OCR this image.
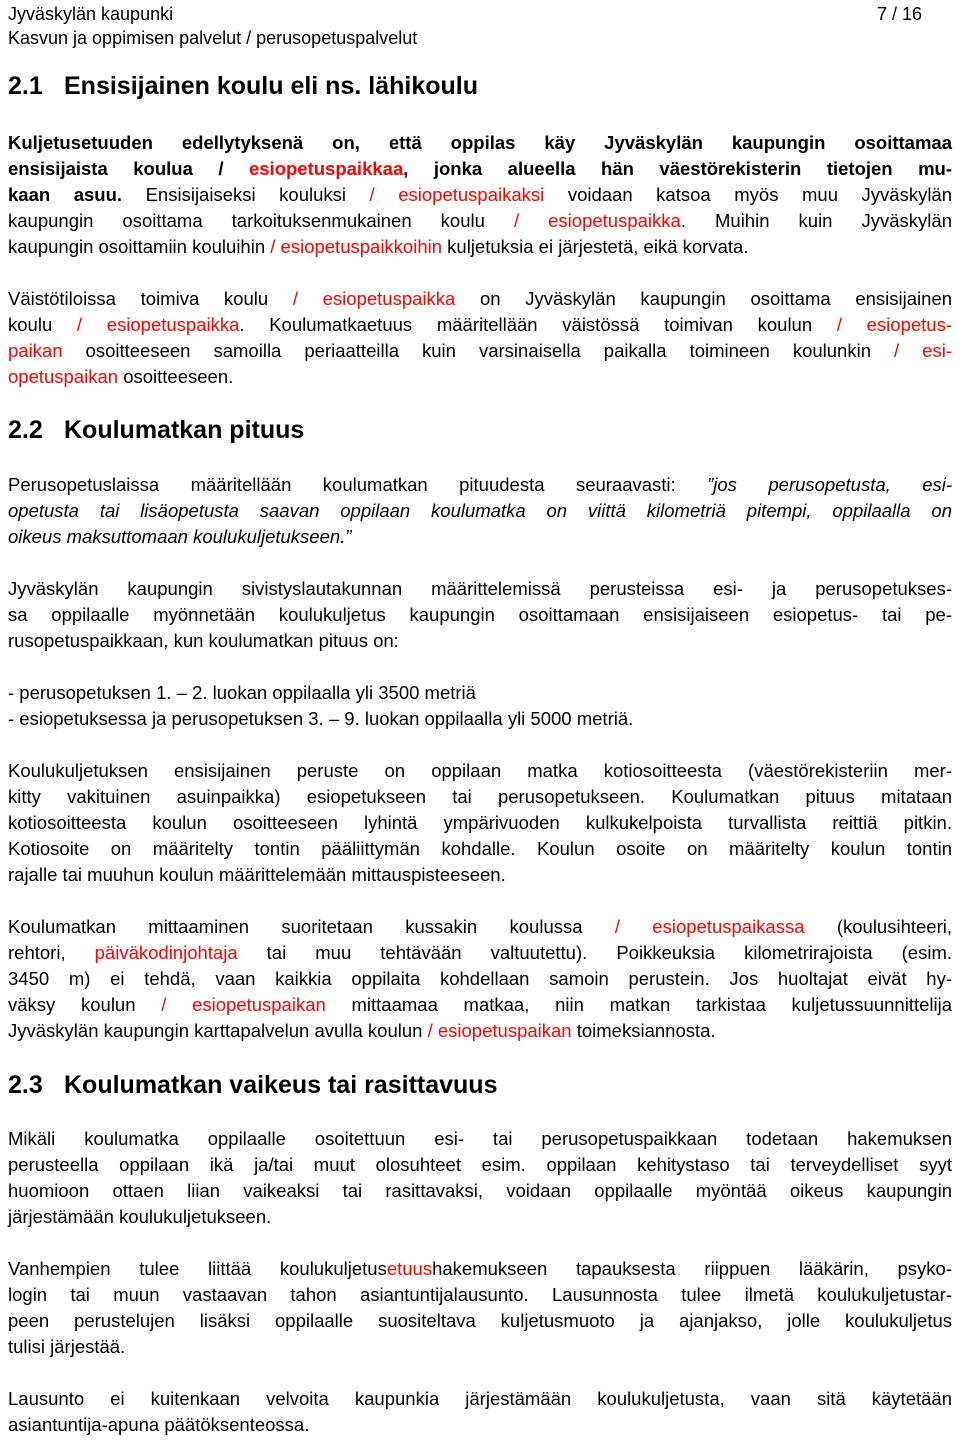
Jyväskylän kaupunki
Kasvun ja oppimisen palvelut / perusopetuspalvelut
7 / 16
2.1 Ensisijainen koulu eli ns. lähikoulu
Kuljetusetuuden edellytyksenä on, että oppilas käy Jyväskylän kaupungin osoittamaa
ensisijaista koulua / esiopetuspaikkaa, jonka alueella hän väestörekisterin tietojen mu-
kaan asuu. Ensisijaiseksi kouluksi / esiopetuspaikaksi voidaan katsoa myös muu Jyväskylän
kaupungin osoittama tarkoituksenmukainen koulu / esiopetuspaikka. Muihin kuin Jyväskylän
kaupungin osoittamiin kouluihin / esiopetuspaikkoihin kuljetuksia ei järjestetä, eikä korvata.
Väistötiloissa toimiva koulu / esiopetuspaikka on Jyväskylän kaupungin osoittama ensisijainen
koulu / esiopetuspaikka. Koulumatkaetuus määritellään väistössä toimivan koulun / esiopetus-
paikan osoitteeseen samoilla periaatteilla kuin varsinaisella paikalla toimineen koulunkin / esi-
opetuspaikan osoitteeseen.
2.2 Koulumatkan pituus
Perusopetuslaissa määritellään koulumatkan pituudesta seuraavasti: ”jos perusopetusta, esi-
opetusta tai lisäopetusta saavan oppilaan koulumatka on viittä kilometriä pitempi, oppilaalla on
oikeus maksuttomaan koulukuljetukseen.”
Jyväskylän kaupungin sivistyslautakunnan määrittelemissä perusteissa esi- ja perusopetukses-
sa oppilaalle myönnetään koulukuljetus kaupungin osoittamaan ensisijaiseen esiopetus- tai pe-
rusopetuspaikkaan, kun koulumatkan pituus on:
- perusopetuksen 1. – 2. luokan oppilaalla yli 3500 metriä
- esiopetuksessa ja perusopetuksen 3. – 9. luokan oppilaalla yli 5000 metriä.
Koulukuljetuksen ensisijainen peruste on oppilaan matka kotiosoitteesta (väestörekisteriin mer-
kitty vakituinen asuinpaikka) esiopetukseen tai perusopetukseen. Koulumatkan pituus mitataan
kotiosoitteesta koulun osoitteeseen lyhintä ympärivuoden kulkukelpoista turvallista reittiä pitkin.
Kotiosoite on määritelty tontin pääliittymän kohdalle. Koulun osoite on määritelty koulun tontin
rajalle tai muuhun koulun määrittelemään mittauspisteeseen.
Koulumatkan mittaaminen suoritetaan kussakin koulussa / esiopetuspaikassa (koulusihteeri,
rehtori, päiväkodinjohtaja tai muu tehtävään valtuutettu). Poikkeuksia kilometrirajoista (esim.
3450 m) ei tehdä, vaan kaikkia oppilaita kohdellaan samoin perustein. Jos huoltajat eivät hy-
väksy koulun / esiopetuspaikan mittaamaa matkaa, niin matkan tarkistaa kuljetussuunnittelija
Jyväskylän kaupungin karttapalvelun avulla koulun / esiopetuspaikan toimeksiannosta.
2.3 Koulumatkan vaikeus tai rasittavuus
Mikäli koulumatka oppilaalle osoitettuun esi- tai perusopetuspaikkaan todetaan hakemuksen
perusteella oppilaan ikä ja/tai muut olosuhteet esim. oppilaan kehitystaso tai terveydelliset syyt
huomioon ottaen liian vaikeaksi tai rasittavaksi, voidaan oppilaalle myöntää oikeus kaupungin
järjestämään koulukuljetukseen.
Vanhempien tulee liittää koulukuljetusetuushakemukseen tapauksesta riippuen lääkärin, psyko-
login tai muun vastaavan tahon asiantuntijalausunto. Lausunnosta tulee ilmetä koulukuljetustar-
peen perustelujen lisäksi oppilaalle suositeltava kuljetusmuoto ja ajanjakso, jolle koulukuljetus
tulisi järjestää.
Lausunto ei kuitenkaan velvoita kaupunkia järjestämään koulukuljetusta, vaan sitä käytetään
asiantuntija-apuna päätöksenteossa.
